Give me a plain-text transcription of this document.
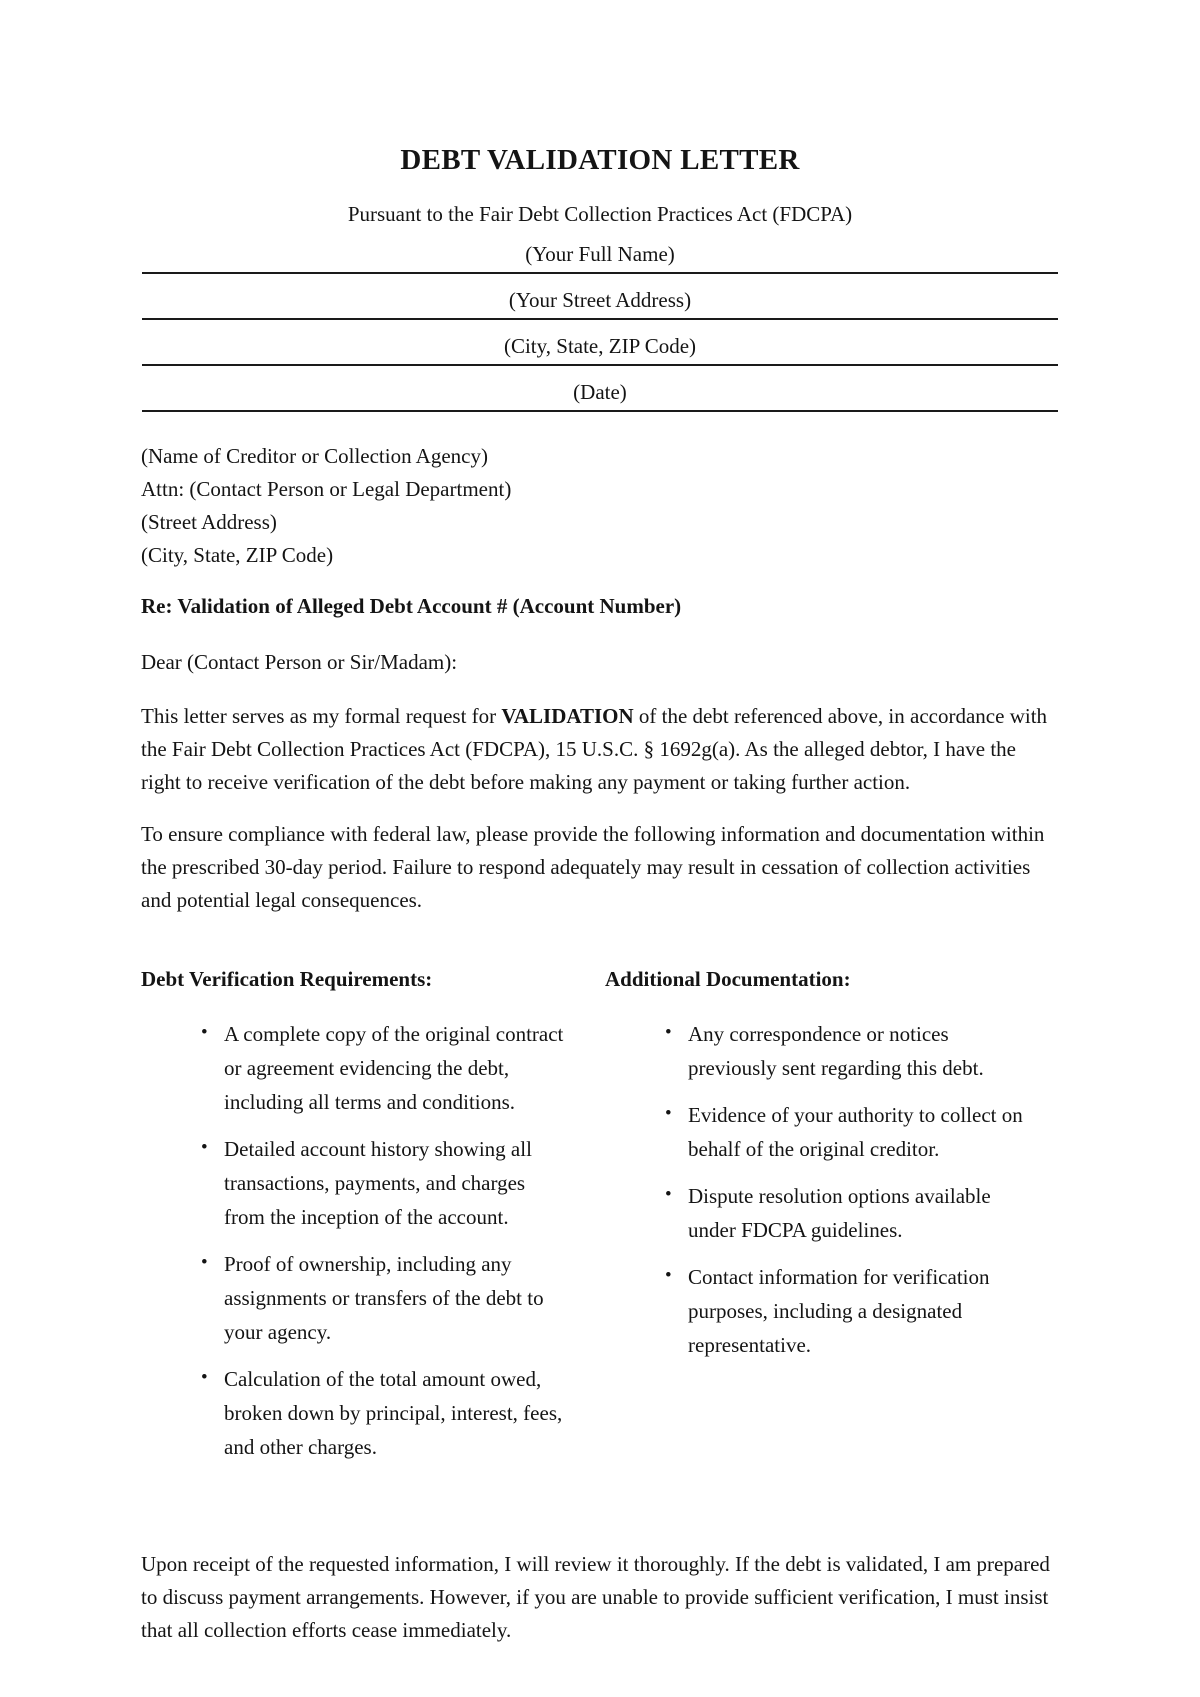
DEBT VALIDATION LETTER

Pursuant to the Fair Debt Collection Practices Act (FDCPA)

(Your Full Name)
(Your Street Address)
(City, State, ZIP Code)
(Date)

(Name of Creditor or Collection Agency)

Attn: (Contact Person or Legal Department)

(Street Address)

(City, State, ZIP Code)

Re: Validation of Alleged Debt Account # (Account Number)

Dear (Contact Person or Sir/Madam):

This letter serves as my formal request for VALIDATION of the debt referenced above, in accordance with the Fair Debt Collection Practices Act (FDCPA), 15 U.S.C. § 1692g(a). As the alleged debtor, I have the right to receive verification of the debt before making any payment or taking further action.

To ensure compliance with federal law, please provide the following information and documentation within the prescribed 30-day period. Failure to respond adequately may result in cessation of collection activities and potential legal consequences.

Debt Verification Requirements:
• A complete copy of the original contract or agreement evidencing the debt, including all terms and conditions.
• Detailed account history showing all transactions, payments, and charges from the inception of the account.
• Proof of ownership, including any assignments or transfers of the debt to your agency.
• Calculation of the total amount owed, broken down by principal, interest, fees, and other charges.
Additional Documentation:
• Any correspondence or notices previously sent regarding this debt.
• Evidence of your authority to collect on behalf of the original creditor.
• Dispute resolution options available under FDCPA guidelines.
• Contact information for verification purposes, including a designated representative.

Upon receipt of the requested information, I will review it thoroughly. If the debt is validated, I am prepared to discuss payment arrangements. However, if you are unable to provide sufficient verification, I must insist that all collection efforts cease immediately.
